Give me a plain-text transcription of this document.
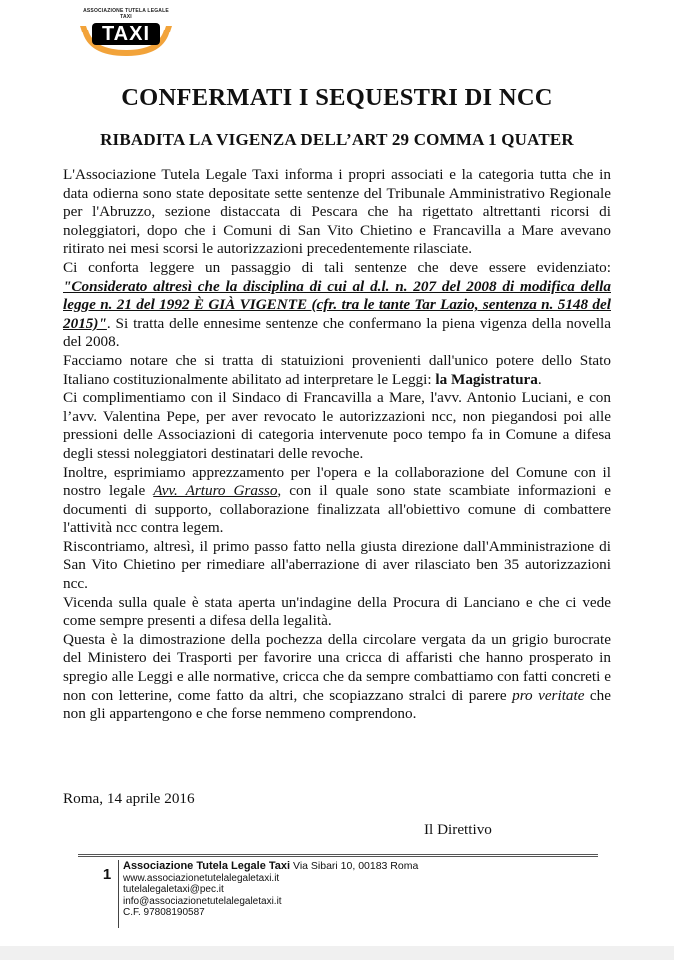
ASSOCIAZIONE TUTELA LEGALE TAXI
TAXI
CONFERMATI I SEQUESTRI DI NCC
RIBADITA LA VIGENZA DELL’ART 29 COMMA 1 QUATER

L'Associazione Tutela Legale Taxi informa i propri associati e la categoria tutta che in data odierna sono state depositate sette sentenze del Tribunale Amministrativo Regionale per l'Abruzzo, sezione distaccata di Pescara che ha rigettato altrettanti ricorsi di noleggiatori, dopo che i Comuni di San Vito Chietino e Francavilla a Mare avevano ritirato nei mesi scorsi le autorizzazioni precedentemente rilasciate.

Ci conforta leggere un passaggio di tali sentenze che deve essere evidenziato: "Considerato altresì che la disciplina di cui al d.l. n. 207 del 2008 di modifica della legge n. 21 del 1992 È GIÀ VIGENTE (cfr. tra le tante Tar Lazio, sentenza n. 5148 del 2015)". Si tratta delle ennesime sentenze che confermano la piena vigenza della novella del 2008.

Facciamo notare che si tratta di statuizioni provenienti dall'unico potere dello Stato Italiano costituzionalmente abilitato ad interpretare le Leggi: la Magistratura.

Ci complimentiamo con il Sindaco di Francavilla a Mare, l'avv. Antonio Luciani, e con l’avv. Valentina Pepe, per aver revocato le autorizzazioni ncc, non piegandosi poi alle pressioni delle Associazioni di categoria intervenute poco tempo fa in Comune a difesa degli stessi noleggiatori destinatari delle revoche.

Inoltre, esprimiamo apprezzamento per l'opera e la collaborazione del Comune con il nostro legale Avv. Arturo Grasso, con il quale sono state scambiate informazioni e documenti di supporto, collaborazione finalizzata all'obiettivo comune di combattere l'attività ncc contra legem.

Riscontriamo, altresì, il primo passo fatto nella giusta direzione dall'Amministrazione di San Vito Chietino per rimediare all'aberrazione di aver rilasciato ben 35 autorizzazioni ncc.

Vicenda sulla quale è stata aperta un'indagine della Procura di Lanciano e che ci vede come sempre presenti a difesa della legalità.

Questa è la dimostrazione della pochezza della circolare vergata da un grigio burocrate del Ministero dei Trasporti per favorire una cricca di affaristi che hanno prosperato in spregio alle Leggi e alle normative, cricca che da sempre combattiamo con fatti concreti e non con letterine, come fatto da altri, che scopiazzano stralci di parere pro veritate che non gli appartengono e che forse nemmeno comprendono.

Roma, 14 aprile 2016
Il Direttivo
1	Associazione Tutela Legale Taxi Via Sibari 10, 00183 Roma
www.associazionetutelalegaletaxi.it
tutelalegaletaxi@pec.it
info@associazionetutelalegaletaxi.it
C.F. 97808190587
